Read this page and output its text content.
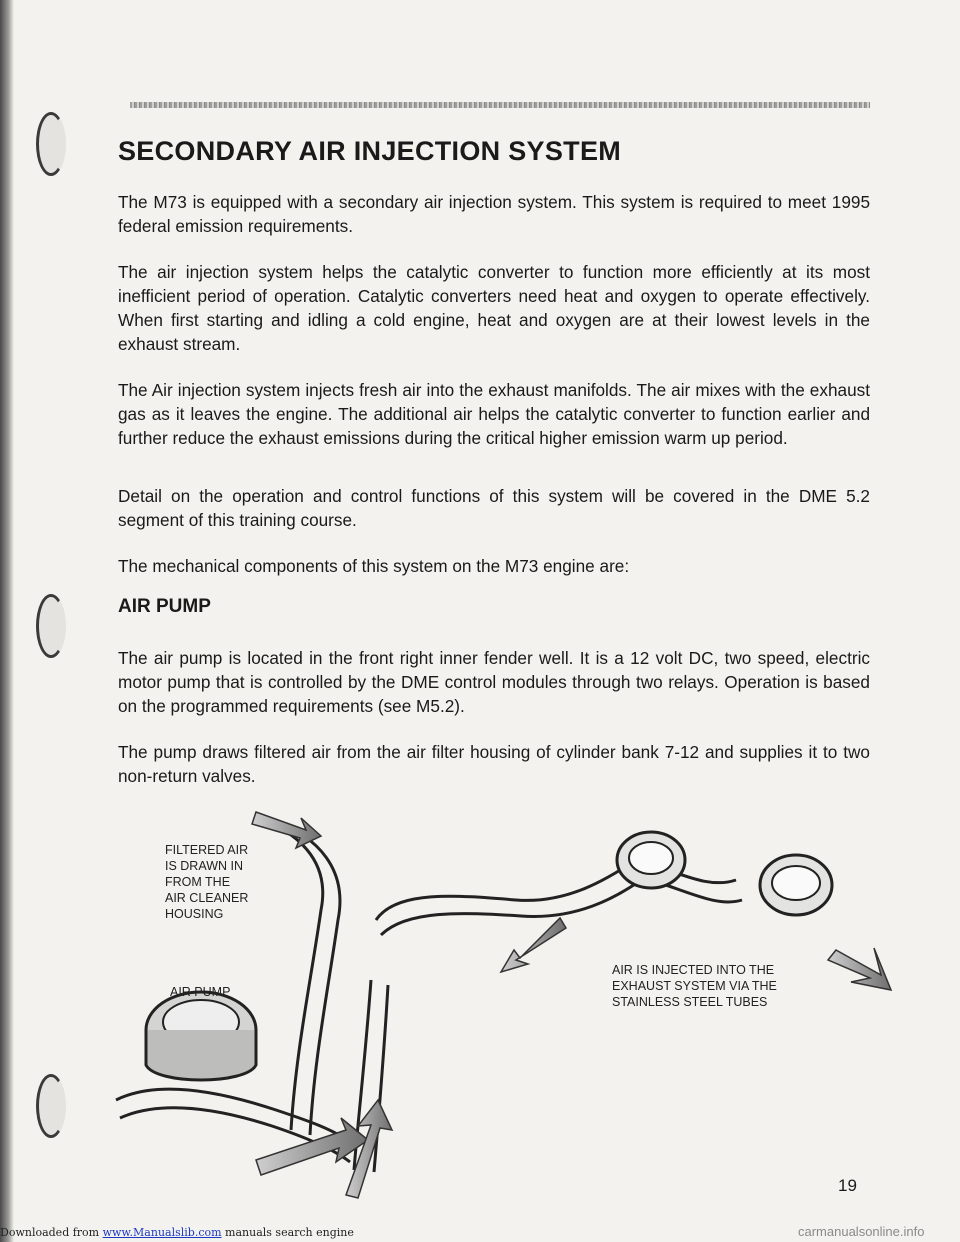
SECONDARY AIR INJECTION SYSTEM

The M73 is equipped with a secondary air injection system. This system is required to meet 1995 federal emission requirements.

The air injection system helps the catalytic converter to function more efficiently at its most inefficient period of operation. Catalytic converters need heat and oxygen to operate effectively. When first starting and idling a cold engine, heat and oxygen are at their lowest levels in the exhaust stream.

The Air injection system injects fresh air into the exhaust manifolds. The air mixes with the exhaust gas as it leaves the engine. The additional air helps the catalytic converter to function earlier and further reduce the exhaust emissions during the critical higher emission warm up period.

Detail on the operation and control functions of this system will be covered in the DME 5.2 segment of this training course.

The mechanical components of this system on the M73 engine are:

AIR PUMP

The air pump is located in the front right inner fender well. It is a 12 volt DC, two speed, electric motor pump that is controlled by the DME control modules through two relays. Operation is based on the programmed requirements (see M5.2).

The pump draws filtered air from the air filter housing of cylinder bank 7-12 and supplies it to two non-return valves.

FILTERED AIR
IS DRAWN IN
FROM THE
AIR CLEANER
HOUSING
AIR PUMP
AIR IS INJECTED INTO THE
EXHAUST SYSTEM VIA THE
STAINLESS STEEL TUBES

19

Downloaded from www.Manualslib.com manuals search engine	carmanualsonline.info
